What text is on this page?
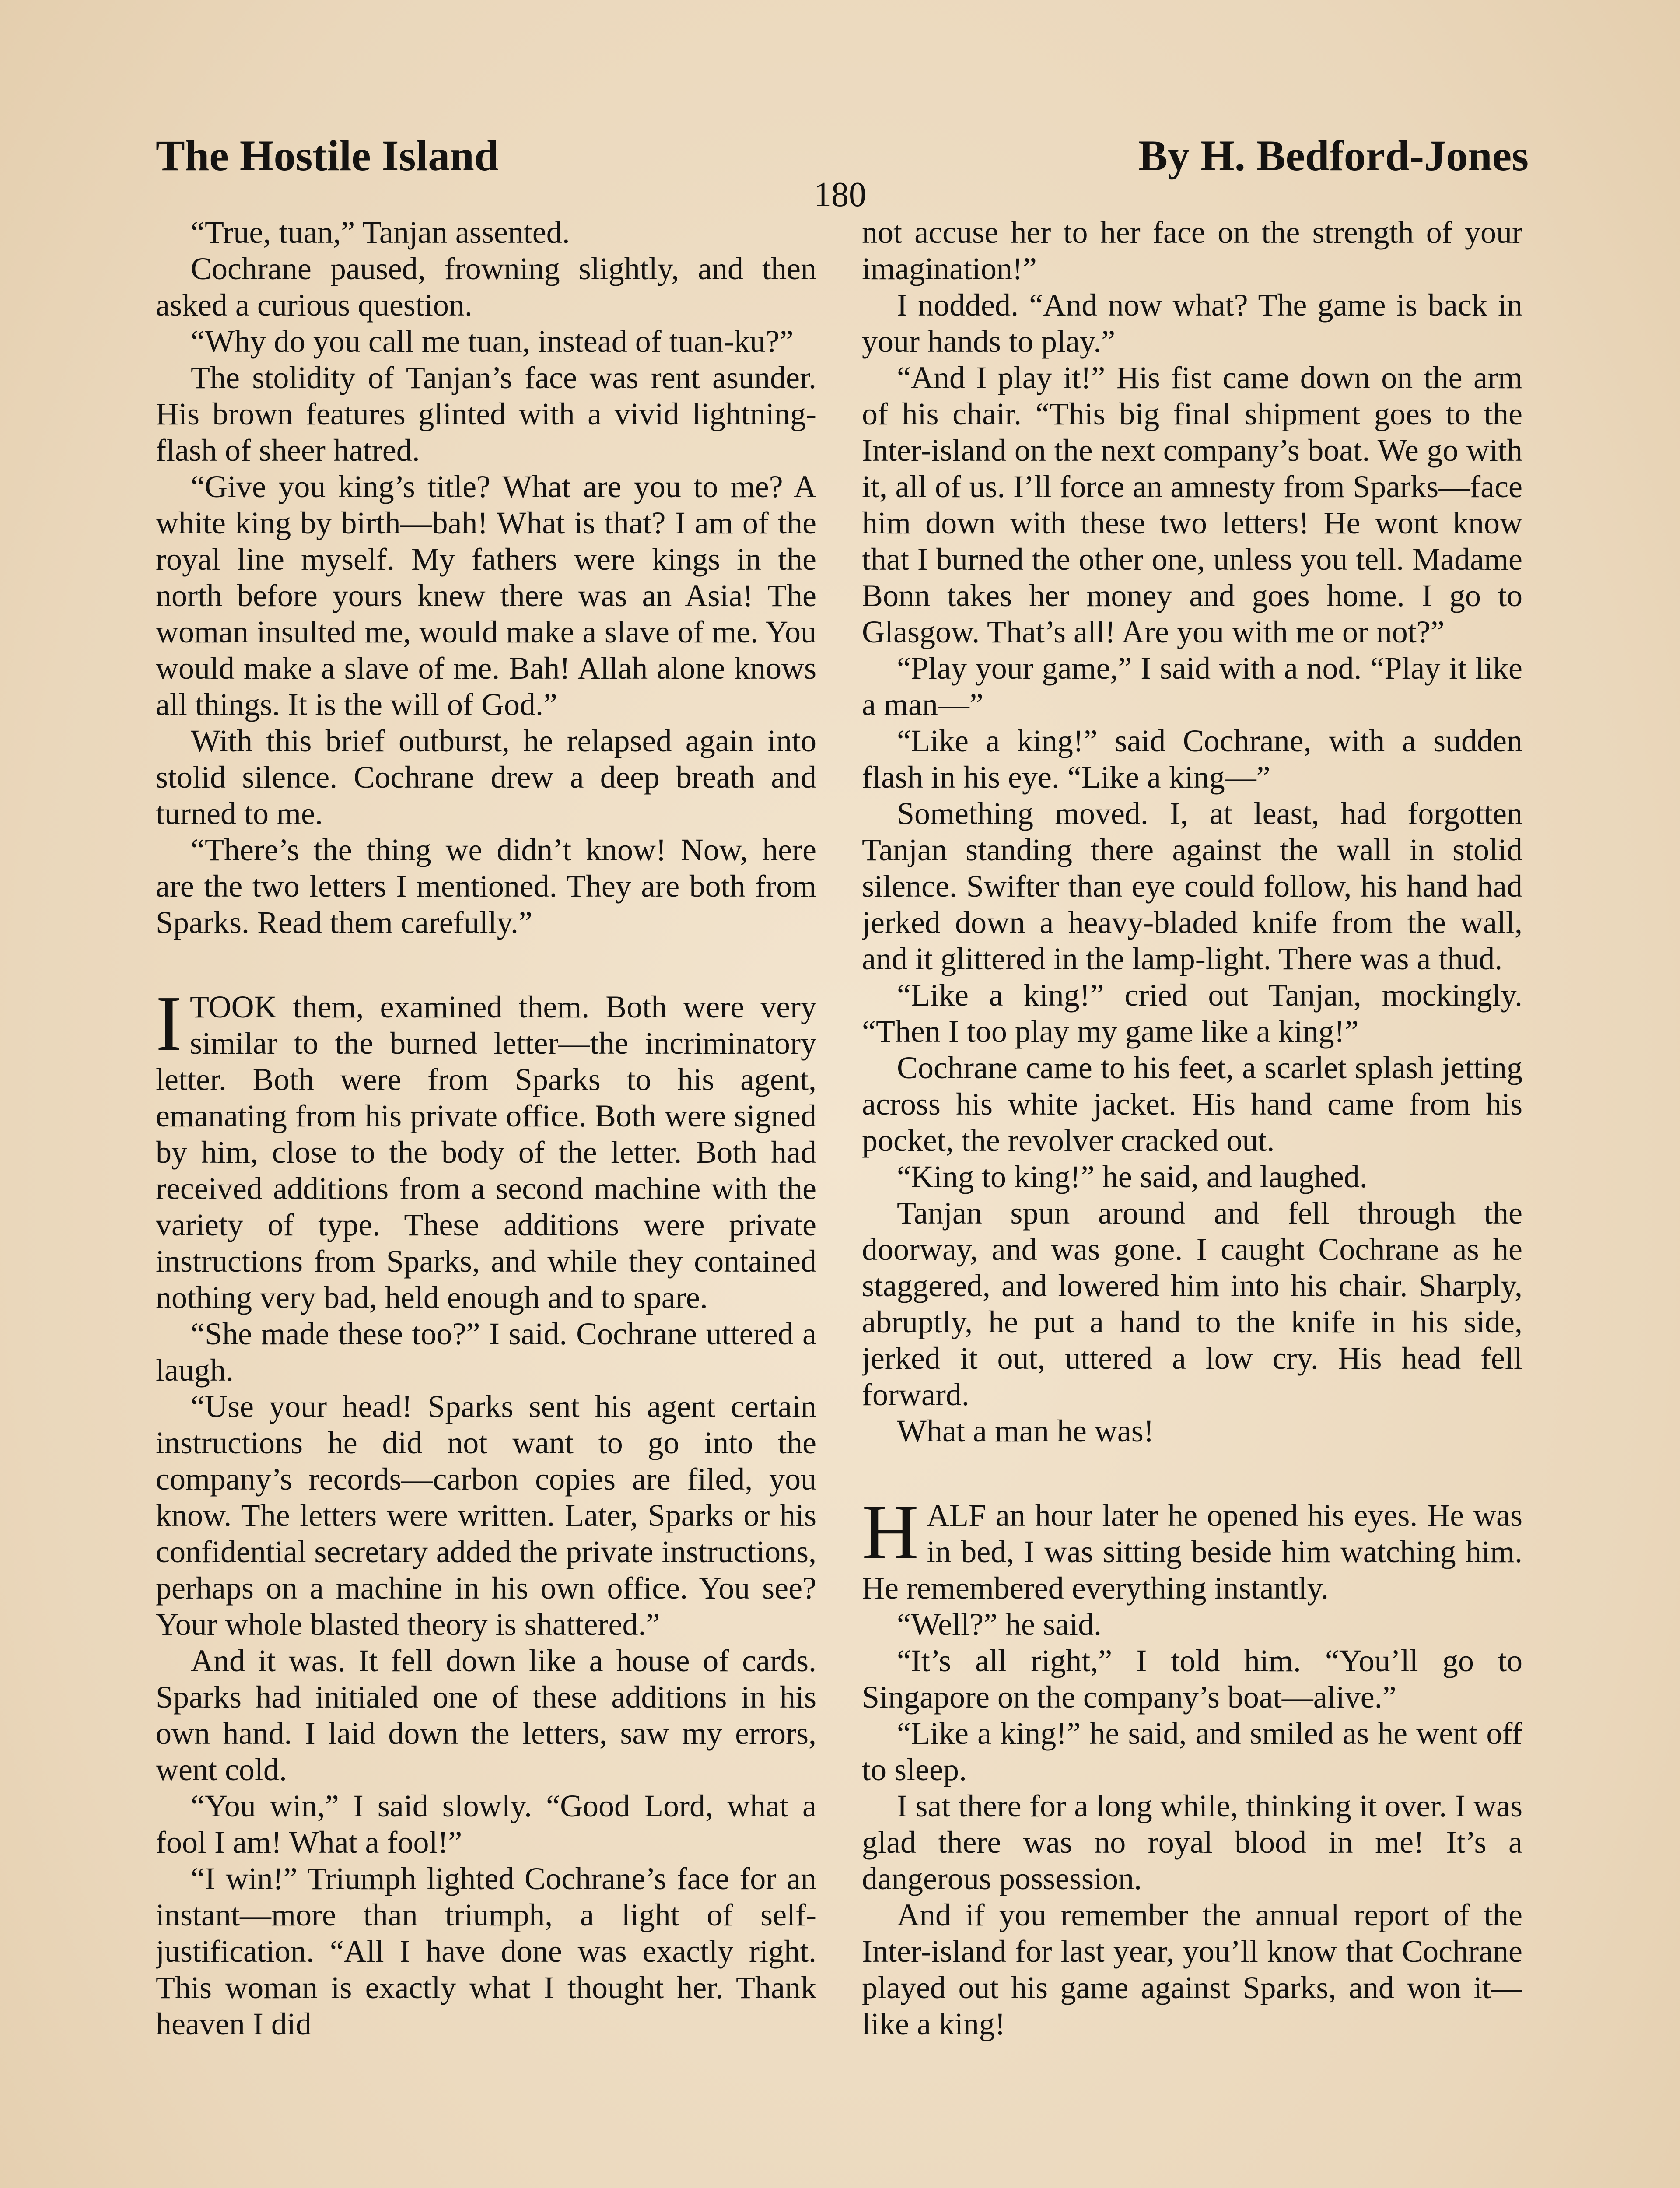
The Hostile Island	By H. Bedford-Jones
180

“True, tuan,” Tanjan assented.

Cochrane paused, frowning slightly, and then asked a curious question.

“Why do you call me tuan, instead of tuan-ku?”

The stolidity of Tanjan’s face was rent asunder. His brown features glinted with a vivid lightning-flash of sheer hatred.

“Give you king’s title? What are you to me? A white king by birth—bah! What is that? I am of the royal line myself. My fathers were kings in the north before yours knew there was an Asia! The woman insulted me, would make a slave of me. You would make a slave of me. Bah! Allah alone knows all things. It is the will of God.”

With this brief outburst, he relapsed again into stolid silence. Cochrane drew a deep breath and turned to me.

“There’s the thing we didn’t know! Now, here are the two letters I mentioned. They are both from Sparks. Read them carefully.”

ITOOK them, examined them. Both were very similar to the burned letter—the incriminatory letter. Both were from Sparks to his agent, emanating from his private office. Both were signed by him, close to the body of the letter. Both had received additions from a second machine with the variety of type. These additions were private instructions from Sparks, and while they contained nothing very bad, held enough and to spare.

“She made these too?” I said. Cochrane uttered a laugh.

“Use your head! Sparks sent his agent certain instructions he did not want to go into the company’s records—carbon copies are filed, you know. The letters were written. Later, Sparks or his confidential secretary added the private instructions, perhaps on a machine in his own office. You see? Your whole blasted theory is shattered.”

And it was. It fell down like a house of cards. Sparks had initialed one of these additions in his own hand. I laid down the letters, saw my errors, went cold.

“You win,” I said slowly. “Good Lord, what a fool I am! What a fool!”

“I win!” Triumph lighted Cochrane’s face for an instant—more than triumph, a light of self-justification. “All I have done was exactly right. This woman is exactly what I thought her. Thank heaven I did

not accuse her to her face on the strength of your imagination!”

I nodded. “And now what? The game is back in your hands to play.”

“And I play it!” His fist came down on the arm of his chair. “This big final shipment goes to the Inter-island on the next company’s boat. We go with it, all of us. I’ll force an amnesty from Sparks—face him down with these two letters! He wont know that I burned the other one, unless you tell. Madame Bonn takes her money and goes home. I go to Glasgow. That’s all! Are you with me or not?”

“Play your game,” I said with a nod. “Play it like a man—”

“Like a king!” said Cochrane, with a sudden flash in his eye. “Like a king—”

Something moved. I, at least, had forgotten Tanjan standing there against the wall in stolid silence. Swifter than eye could follow, his hand had jerked down a heavy-bladed knife from the wall, and it glittered in the lamp-light. There was a thud.

“Like a king!” cried out Tanjan, mockingly. “Then I too play my game like a king!”

Cochrane came to his feet, a scarlet splash jetting across his white jacket. His hand came from his pocket, the revolver cracked out.

“King to king!” he said, and laughed.

Tanjan spun around and fell through the doorway, and was gone. I caught Cochrane as he staggered, and lowered him into his chair. Sharply, abruptly, he put a hand to the knife in his side, jerked it out, uttered a low cry. His head fell forward.

What a man he was!

HALF an hour later he opened his eyes. He was in bed, I was sitting beside him watching him. He remembered everything instantly.

“Well?” he said.

“It’s all right,” I told him. “You’ll go to Singapore on the company’s boat—alive.”

“Like a king!” he said, and smiled as he went off to sleep.

I sat there for a long while, thinking it over. I was glad there was no royal blood in me! It’s a dangerous possession.

And if you remember the annual report of the Inter-island for last year, you’ll know that Cochrane played out his game against Sparks, and won it—like a king!
